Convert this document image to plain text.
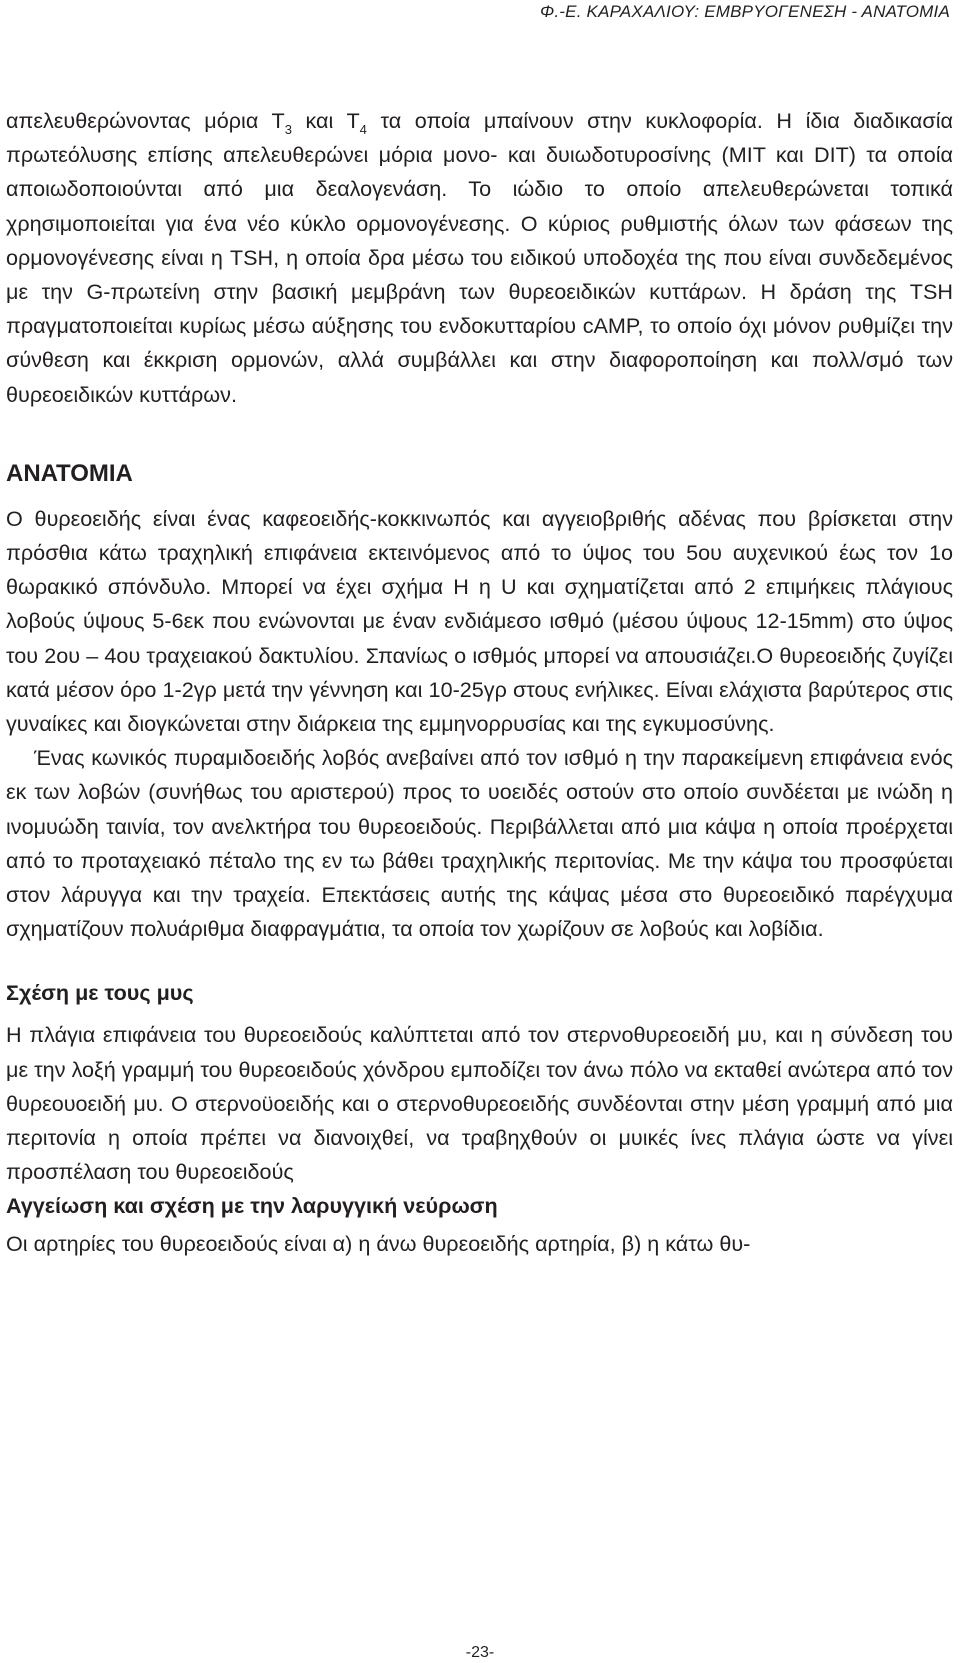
Φ.-Ε. ΚΑΡΑΧΑΛΙΟΥ: ΕΜΒΡΥΟΓΕΝΕΣΗ - ΑΝΑΤΟΜΙΑ

απελευθερώνοντας μόρια $T_3$ και $T_4$ τα οποία μπαίνουν στην κυκλοφορία. Η ίδια διαδικασία πρωτεόλυσης επίσης απελευθερώνει μόρια μονο- και δυιωδοτυροσίνης (MIT και DIT) τα οποία αποιωδοποιούνται από μια δεαλογενάση. Το ιώδιο το οποίο απελευθερώνεται τοπικά χρησιμοποιείται για ένα νέο κύκλο ορμονογένεσης. Ο κύριος ρυθμιστής όλων των φάσεων της ορμονογένεσης είναι η TSH, η οποία δρα μέσω του ειδικού υποδοχέα της που είναι συνδεδεμένος με την G-πρωτείνη στην βασική μεμβράνη των θυρεοειδικών κυττάρων. Η δράση της TSH πραγματοποιείται κυρίως μέσω αύξησης του ενδοκυτταρίου cAMP, το οποίο όχι μόνον ρυθμίζει την σύνθεση και έκκριση ορμονών, αλλά συμβάλλει και στην διαφοροποίηση και πολλ/σμό των θυρεοειδικών κυττάρων.

ΑΝΑΤΟΜΙΑ

Ο θυρεοειδής είναι ένας καφεοειδής-κοκκινωπός και αγγειοβριθής αδένας που βρίσκεται στην πρόσθια κάτω τραχηλική επιφάνεια εκτεινόμενος από το ύψος του 5ου αυχενικού έως τον 1ο θωρακικό σπόνδυλο. Μπορεί να έχει σχήμα Η η U και σχηματίζεται από 2 επιμήκεις πλάγιους λοβούς ύψους 5-6εκ που ενώνονται με έναν ενδιάμεσο ισθμό (μέσου ύψους 12-15mm) στο ύψος του 2ου – 4ου τραχειακού δακτυλίου. Σπανίως ο ισθμός μπορεί να απουσιάζει.Ο θυρεοειδής ζυγίζει κατά μέσον όρο 1-2γρ μετά την γέννηση και 10-25γρ στους ενήλικες. Είναι ελάχιστα βαρύτερος στις γυναίκες και διογκώνεται στην διάρκεια της εμμηνορρυσίας και της εγκυμοσύνης.

Ένας κωνικός πυραμιδοειδής λοβός ανεβαίνει από τον ισθμό η την παρακείμενη επιφάνεια ενός εκ των λοβών (συνήθως του αριστερού) προς το υοειδές οστούν στο οποίο συνδέεται με ινώδη η ινομυώδη ταινία, τον ανελκτήρα του θυρεοειδούς. Περιβάλλεται από μια κάψα η οποία προέρχεται από το προταχειακό πέταλο της εν τω βάθει τραχηλικής περιτονίας. Με την κάψα του προσφύεται στον λάρυγγα και την τραχεία. Επεκτάσεις αυτής της κάψας μέσα στο θυρεοειδικό παρέγχυμα σχηματίζουν πολυάριθμα διαφραγμάτια, τα οποία τον χωρίζουν σε λοβούς και λοβίδια.

Σχέση με τους μυς

Η πλάγια επιφάνεια του θυρεοειδούς καλύπτεται από τον στερνοθυρεοειδή μυ, και η σύνδεση του με την λοξή γραμμή του θυρεοειδούς χόνδρου εμποδίζει τον άνω πόλο να εκταθεί ανώτερα από τον θυρεουοειδή μυ. Ο στερνοϋοειδής και ο στερνοθυρεοειδής συνδέονται στην μέση γραμμή από μια περιτονία η οποία πρέπει να διανοιχθεί, να τραβηχθούν οι μυικές ίνες πλάγια ώστε να γίνει προσπέλαση του θυρεοειδούς

Αγγείωση και σχέση με την λαρυγγική νεύρωση

Οι αρτηρίες του θυρεοειδούς είναι α) η άνω θυρεοειδής αρτηρία, β) η κάτω θυ-

-23-
